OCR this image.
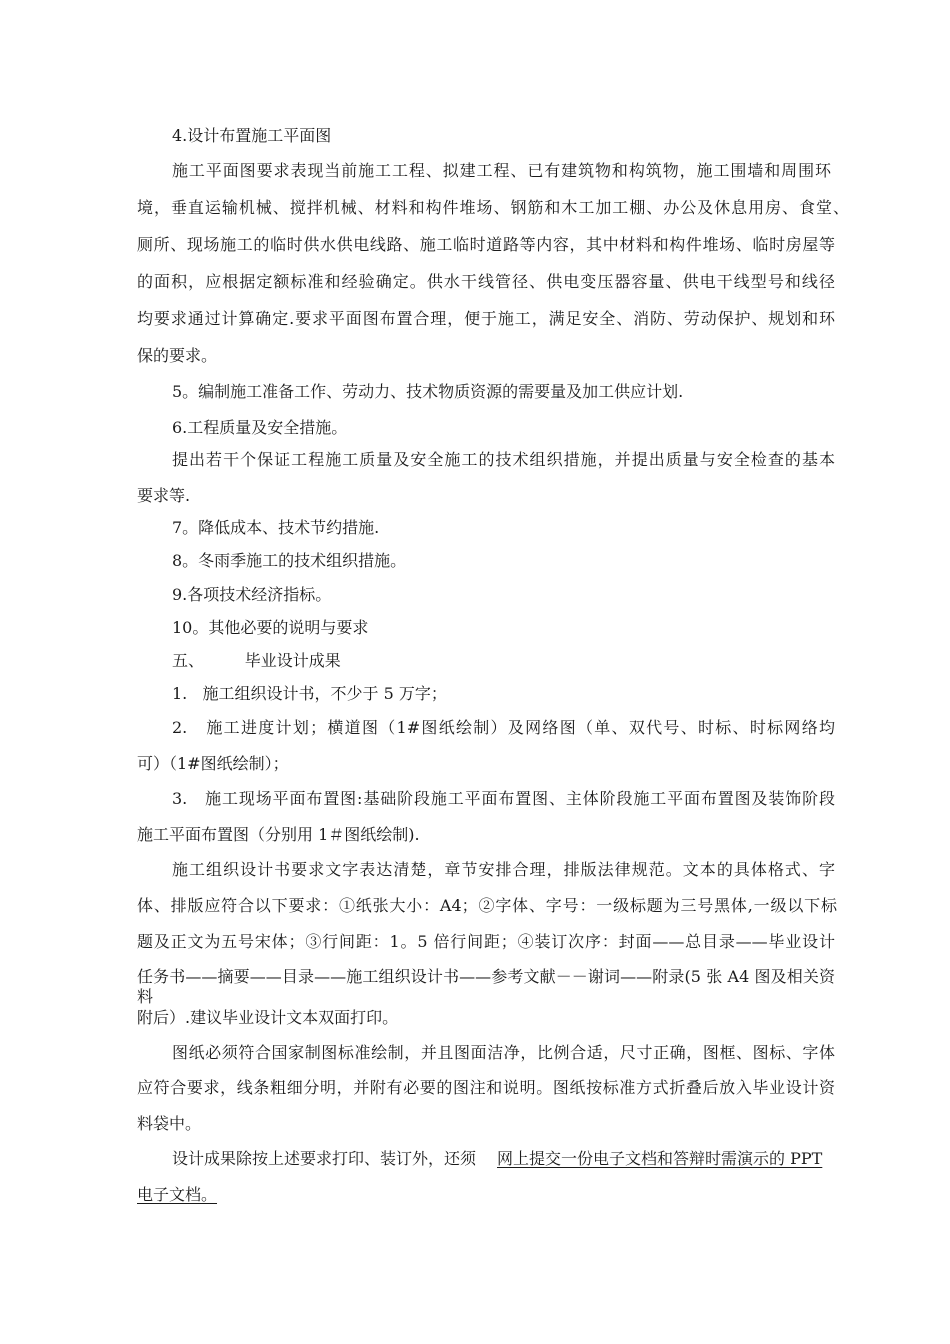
4.设计布置施工平面图
施工平面图要求表现当前施工工程、拟建工程、已有建筑物和构筑物，施工围墙和周围环
境，垂直运输机械、搅拌机械、材料和构件堆场、钢筋和木工加工棚、办公及休息用房、食堂、
厕所、现场施工的临时供水供电线路、施工临时道路等内容，其中材料和构件堆场、临时房屋等
的面积，应根据定额标准和经验确定。供水干线管径、供电变压器容量、供电干线型号和线径
均要求通过计算确定.要求平面图布置合理，便于施工，满足安全、消防、劳动保护、规划和环
保的要求。
5。编制施工准备工作、劳动力、技术物质资源的需要量及加工供应计划.
6.工程质量及安全措施。
提出若干个保证工程施工质量及安全施工的技术组织措施，并提出质量与安全检查的基本
要求等.
7。降低成本、技术节约措施.
8。冬雨季施工的技术组织措施。
9.各项技术经济指标。
10。其他必要的说明与要求
五、        毕业设计成果
1.   施工组织设计书，不少于 5 万字；
2.   施工进度计划；横道图（1#图纸绘制）及网络图（单、双代号、时标、时标网络均
可）（1#图纸绘制）；
3.   施工现场平面布置图:基础阶段施工平面布置图、主体阶段施工平面布置图及装饰阶段
施工平面布置图（分别用 1＃图纸绘制).
施工组织设计书要求文字表达清楚，章节安排合理，排版法律规范。文本的具体格式、字
体、排版应符合以下要求：①纸张大小：A4；②字体、字号：一级标题为三号黑体,一级以下标
题及正文为五号宋体；③行间距：1。5 倍行间距；④装订次序：封面——总目录——毕业设计
任务书——摘要——目录——施工组织设计书——参考文献－－谢词——附录(5 张 A4 图及相关资料
附后）.建议毕业设计文本双面打印。
图纸必须符合国家制图标准绘制，并且图面洁净，比例合适，尺寸正确，图框、图标、字体
应符合要求，线条粗细分明，并附有必要的图注和说明。图纸按标准方式折叠后放入毕业设计资
料袋中。
设计成果除按上述要求打印、装订外，还须 网上提交一份电子文档和答辩时需演示的 PPT
电子文档。
